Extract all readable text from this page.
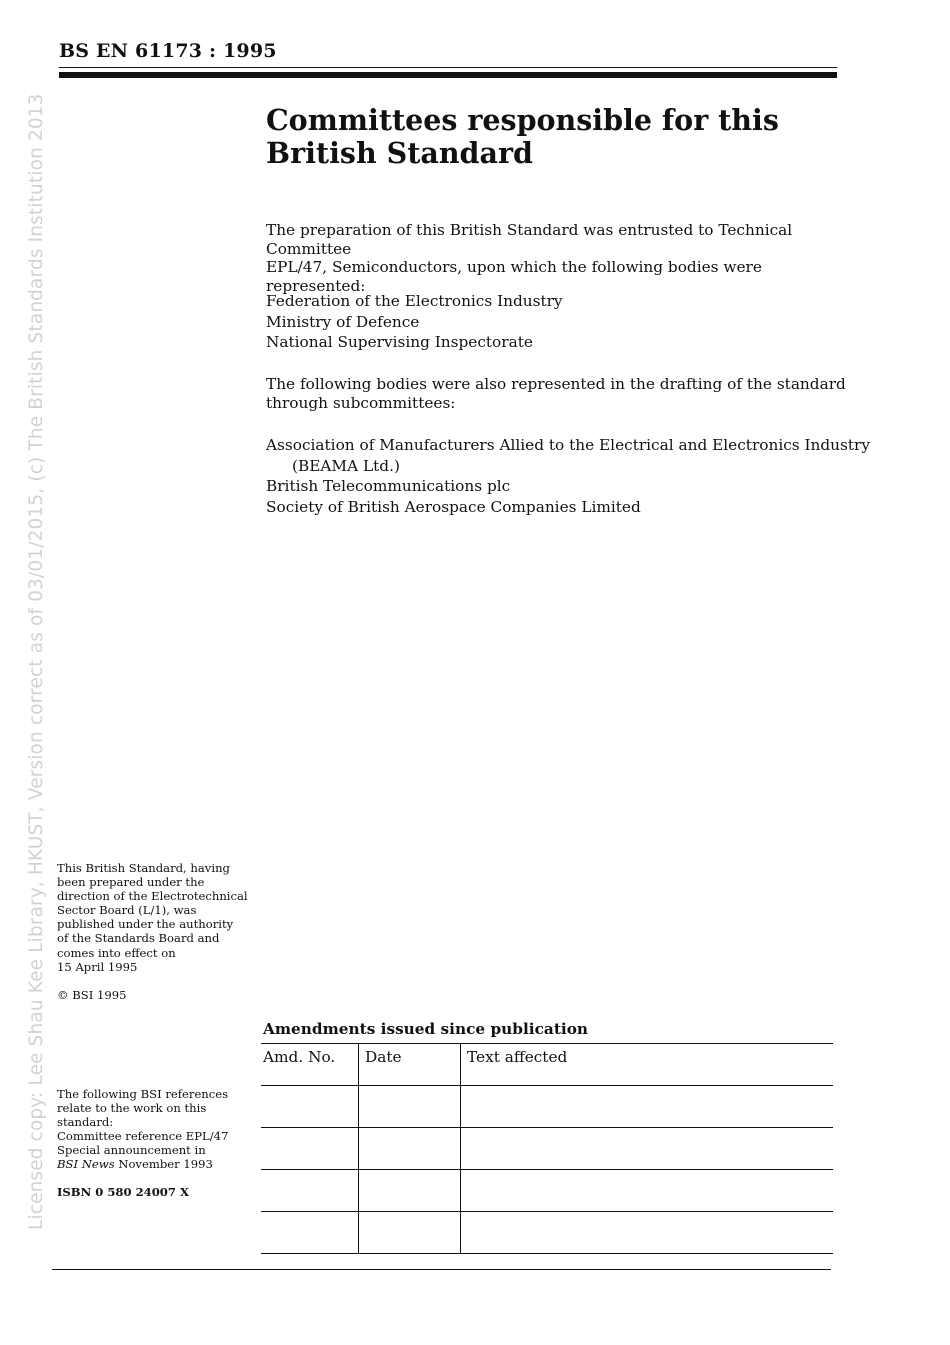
BS EN 61173 : 1995
Licensed copy: Lee Shau Kee Library, HKUST, Version correct as of 03/01/2015, (c) The British Standards Institution 2013	Committees responsible for this
British Standard
The preparation of this British Standard was entrusted to Technical Committee
EPL/47, Semiconductors, upon which the following bodies were represented:
Federation of the Electronics Industry
Ministry of Defence
National Supervising Inspectorate
The following bodies were also represented in the drafting of the standard
through subcommittees:
Association of Manufacturers Allied to the Electrical and Electronics Industry
(BEAMA Ltd.)
British Telecommunications plc
Society of British Aerospace Companies Limited
This British Standard, having
been prepared under the
direction of the Electrotechnical
Sector Board (L/1), was
published under the authority
of the Standards Board and
comes into effect on
15 April 1995
© BSI 1995
The following BSI references
relate to the work on this
standard:
Committee reference EPL/47
Special announcement in
BSI News November 1993
ISBN 0 580 24007 X
Amendments issued since publication
Amd. No.	Date	Text affected
